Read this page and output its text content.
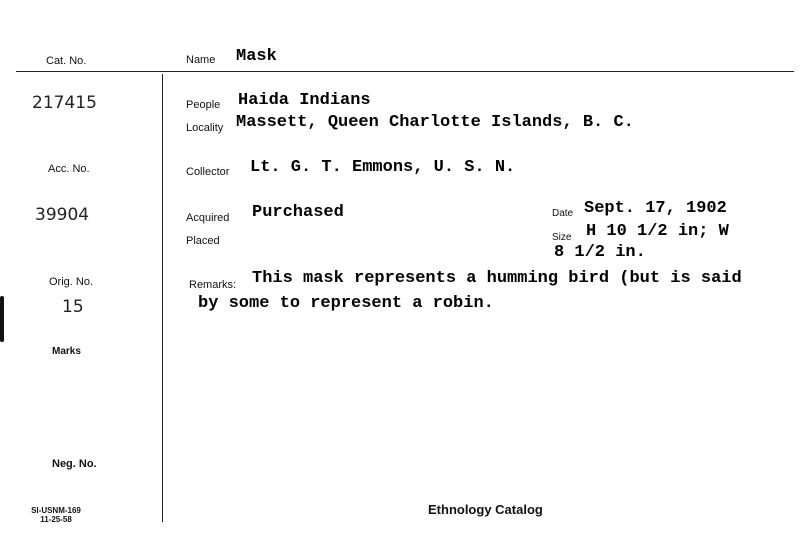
Cat. No.	Name Mask
217415
Acc. No.
39904
Orig. No.
15
Marks
Neg. No.
People Haida Indians
Locality Massett, Queen Charlotte Islands, B. C.
Collector Lt. G. T. Emmons, U. S. N.
Acquired Purchased
Placed
Date Sept. 17, 1902
Size H 10 1/2 in; W
8 1/2 in.
Remarks: This mask represents a humming bird (but is said
by some to represent a robin.
SI-USNM-169
11-25-58
Ethnology Catalog
